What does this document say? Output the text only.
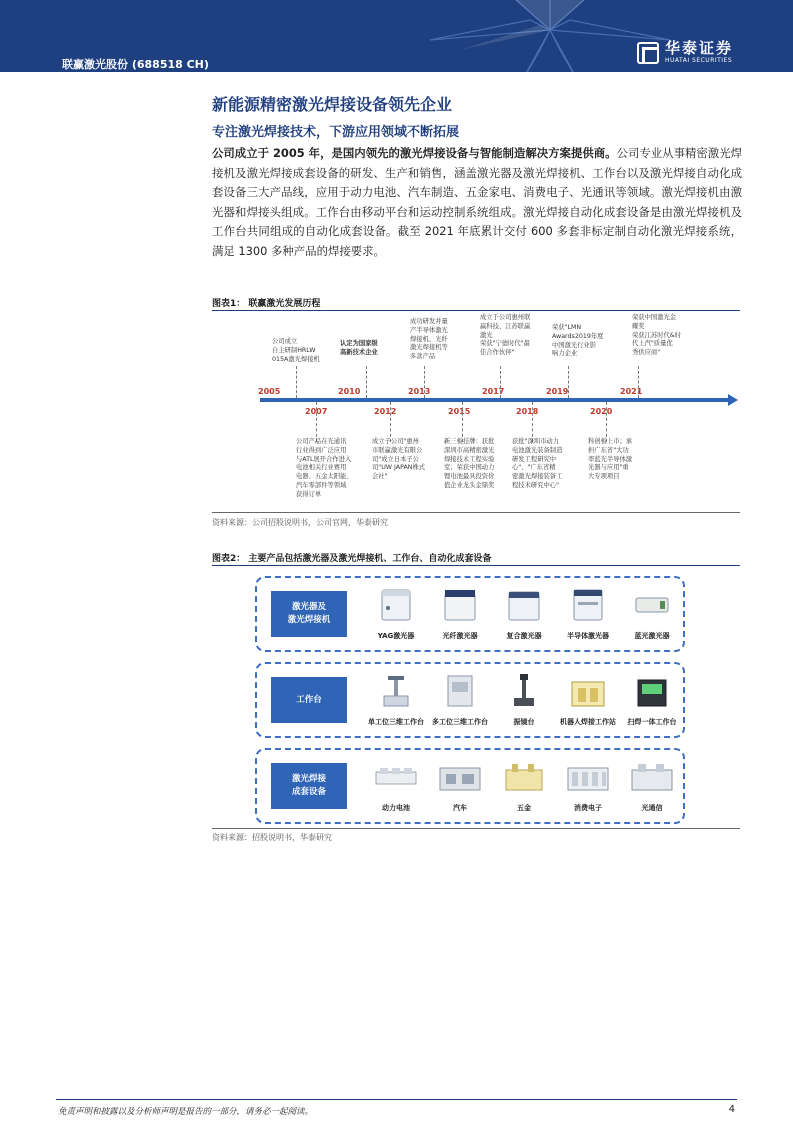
联赢激光股份 (688518 CH)
华泰证券
HUATAI SECURITIES
新能源精密激光焊接设备领先企业
专注激光焊接技术，下游应用领域不断拓展
公司成立于 2005 年，是国内领先的激光焊接设备与智能制造解决方案提供商。公司专业从事精密激光焊接机及激光焊接成套设备的研发、生产和销售，涵盖激光器及激光焊接机、工作台以及激光焊接自动化成套设备三大产品线，应用于动力电池、汽车制造、五金家电、消费电子、光通讯等领域。激光焊接机由激光器和焊接头组成。工作台由移动平台和运动控制系统组成。激光焊接自动化成套设备是由激光焊接机及工作台共同组成的自动化成套设备。截至 2021 年底累计交付 600 多套非标定制自动化激光焊接系统，满足 1300 多种产品的焊接要求。
图表1： 联赢激光发展历程
2005	2010	2013	2017	2019	2021
2007	2012	2015	2018	2020
公司成立
自主研制HRLW
015A激光焊接机
认定为国家级
高新技术企业
成功研发并量
产半导体激光
焊接机、光纤
激光焊接机等
多款产品
成立于公司惠州联
赢科技、江苏联赢
激光
荣获"宁德时代"最
佳合作伙伴"
荣获"LMN
Awards2019年度
中国激光行业影
响力企业
荣获中国激光金
耀奖
荣获江苏时代&时
代上汽"质量优
秀供应商"
公司产品在光通讯
行业得到广泛应用
与ATL展开合作进入
电池相关行业赛用
电器、五金太阳能、
汽车零部件等领域
获得订单
成立子公司"惠州
市联赢激光有限公
司"成立日本子公
司"UW JAPAN株式
会社"
新三板挂牌：获批
深圳市高精密激光
焊接技术工程实验
室；荣获中国动力
锂电池最具投资价
值企业龙头金鼎奖
获批"深圳市动力
电池激光装备制造
研发工程研究中
心"、"广东省精
密激光焊接装备工
程技术研究中心"
科创板上市；承
担广东省"大功
率蓝光半导体激
光器与应用"重
大专项项目
资料来源：公司招股说明书，公司官网，华泰研究
图表2： 主要产品包括激光器及激光焊接机、工作台、自动化成套设备
激光器及
激光焊接机
YAG激光器	光纤激光器	复合激光器	半导体激光器	蓝光激光器
工作台
单工位三维工作台 多工位三维工作台	振镜台	机器人焊接工作站 扫焊一体工作台
激光焊接
成套设备
动力电池	汽车	五金	消费电子	光通信
资料来源：招股说明书，华泰研究
免责声明和披露以及分析师声明是报告的一部分，请务必一起阅读。	4
